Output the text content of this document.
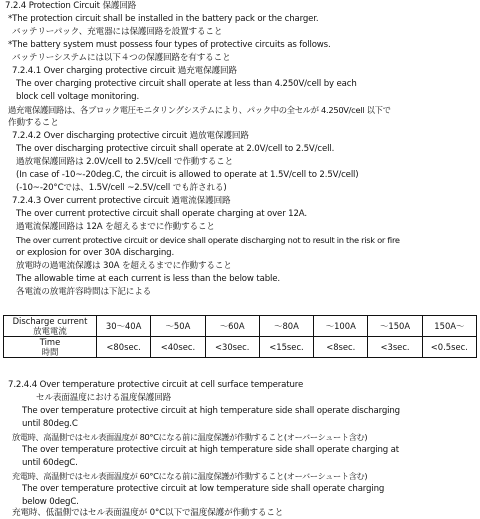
7.2.4 Protection Circuit 保護回路
*The protection circuit shall be installed in the battery pack or the charger.
バッテリーパック、充電器には保護回路を設置すること
*The battery system must possess four types of protective circuits as follows.
バッテリーシステムには以下４つの保護回路を有すること
7.2.4.1 Over charging protective circuit 過充電保護回路
The over charging protective circuit shall operate at less than 4.250V/cell by each
block cell voltage monitoring.
過充電保護回路は、各ブロック電圧モニタリングシステムにより、パック中の全セルが 4.250V/cell 以下で
作動すること
7.2.4.2 Over discharging protective circuit 過放電保護回路
The over discharging protective circuit shall operate at 2.0V/cell to 2.5V/cell.
過放電保護回路は 2.0V/cell to 2.5V/cell で作動すること
(In case of -10~-20deg.C, the circuit is allowed to operate at 1.5V/cell to 2.5V/cell)
(-10~-20°Cでは、1.5V/cell ~2.5V/cell でも許される)
7.2.4.3 Over current protective circuit 過電流保護回路
The over current protective circuit shall operate charging at over 12A.
過電流保護回路は 12A を超えるまでに作動すること
The over current protective circuit or device shall operate discharging not to result in the risk or fire
or explosion for over 30A discharging.
放電時の過電流保護は 30A を超えるまでに作動すること
The allowable time at each current is less than the below table.
各電流の放電許容時間は下記による
Discharge current
放電電流	30～40A	～50A	～60A	～80A	～100A	～150A	150A～

Time
時間	<80sec.	<40sec.	<30sec.	<15sec.	<8sec.	<3sec.	<0.5sec.
7.2.4.4 Over temperature protective circuit at cell surface temperature
セル表面温度における温度保護回路
The over temperature protective circuit at high temperature side shall operate discharging
until 80deg.C
放電時、高温側ではセル表面温度が 80°Cになる前に温度保護が作動すること(オーバーシュート含む)
The over temperature protective circuit at high temperature side shall operate charging at
until 60degC.
充電時、高温側ではセル表面温度が 60°Cになる前に温度保護が作動すること(オーバーシュート含む)
The over temperature protective circuit at low temperature side shall operate charging
below 0degC.
充電時、低温側ではセル表面温度が 0°C以下で温度保護が作動すること
